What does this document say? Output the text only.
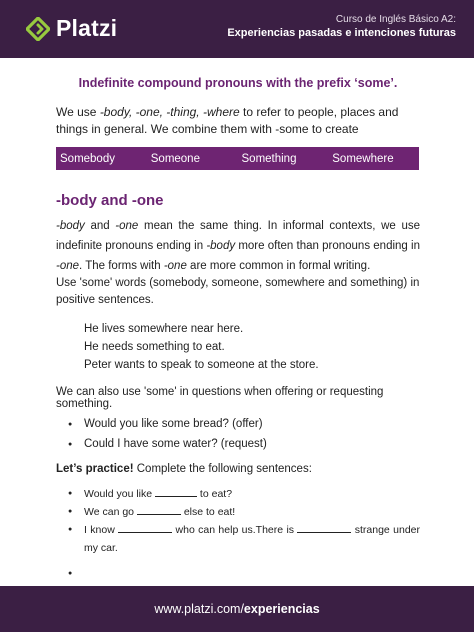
Platzi	Curso de Inglés Básico A2:
Experiencias pasadas e intenciones futuras
Indefinite compound pronouns with the prefix ‘some’.

We use -body, -one, -thing, -where to refer to people, places and things in general. We combine them with -some to create

Somebody	Someone	Something	Somewhere
-body and -one

-body and -one mean the same thing. In informal contexts, we use indefinite pronouns ending in -body more often than pronouns ending in -one. The forms with -one are more common in formal writing.

Use 'some' words (somebody, someone, somewhere and something) in positive sentences.

He lives somewhere near here.
He needs something to eat.
Peter wants to speak to someone at the store.

We can also use 'some' in questions when offering or requesting something.

● Would you like some bread? (offer)
● Could I have some water? (request)

Let’s practice! Complete the following sentences:

● Would you like	to eat?
● We can go	else to eat!
● I know	who can help us.There is	strange under my car.
●
www.platzi.com/experiencias
